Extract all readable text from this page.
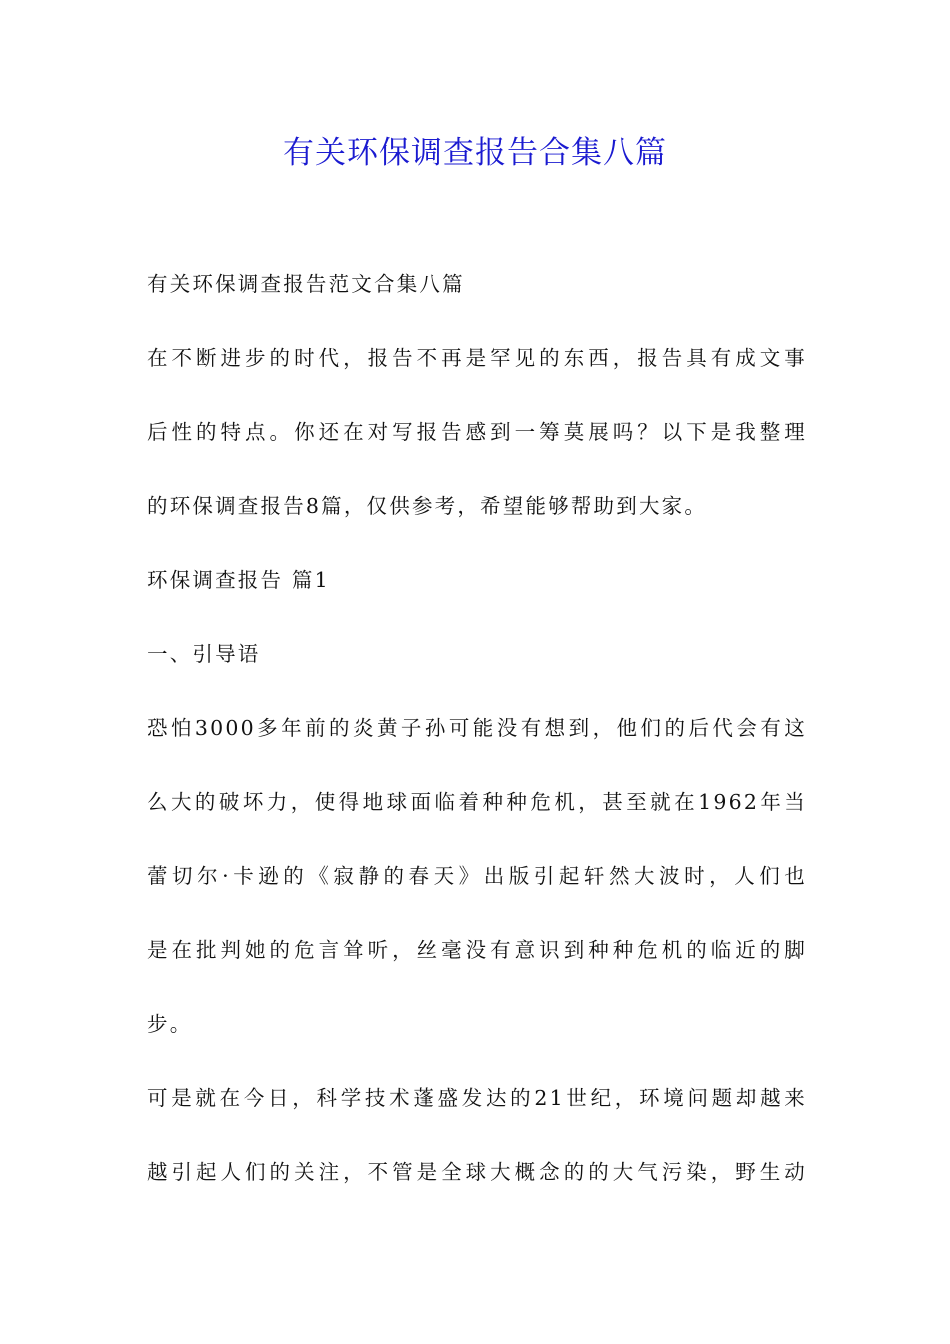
有关环保调查报告合集八篇
有关环保调查报告范文合集八篇
在不断进步的时代，报告不再是罕见的东西，报告具有成文事
后性的特点。你还在对写报告感到一筹莫展吗？以下是我整理
的环保调查报告8篇，仅供参考，希望能够帮助到大家。
环保调查报告 篇1
一、引导语
恐怕3000多年前的炎黄子孙可能没有想到，他们的后代会有这
么大的破坏力，使得地球面临着种种危机，甚至就在1962年当
蕾切尔·卡逊的《寂静的春天》出版引起轩然大波时，人们也
是在批判她的危言耸听，丝毫没有意识到种种危机的临近的脚
步。
可是就在今日，科学技术蓬盛发达的21世纪，环境问题却越来
越引起人们的关注，不管是全球大概念的的大气污染，野生动
